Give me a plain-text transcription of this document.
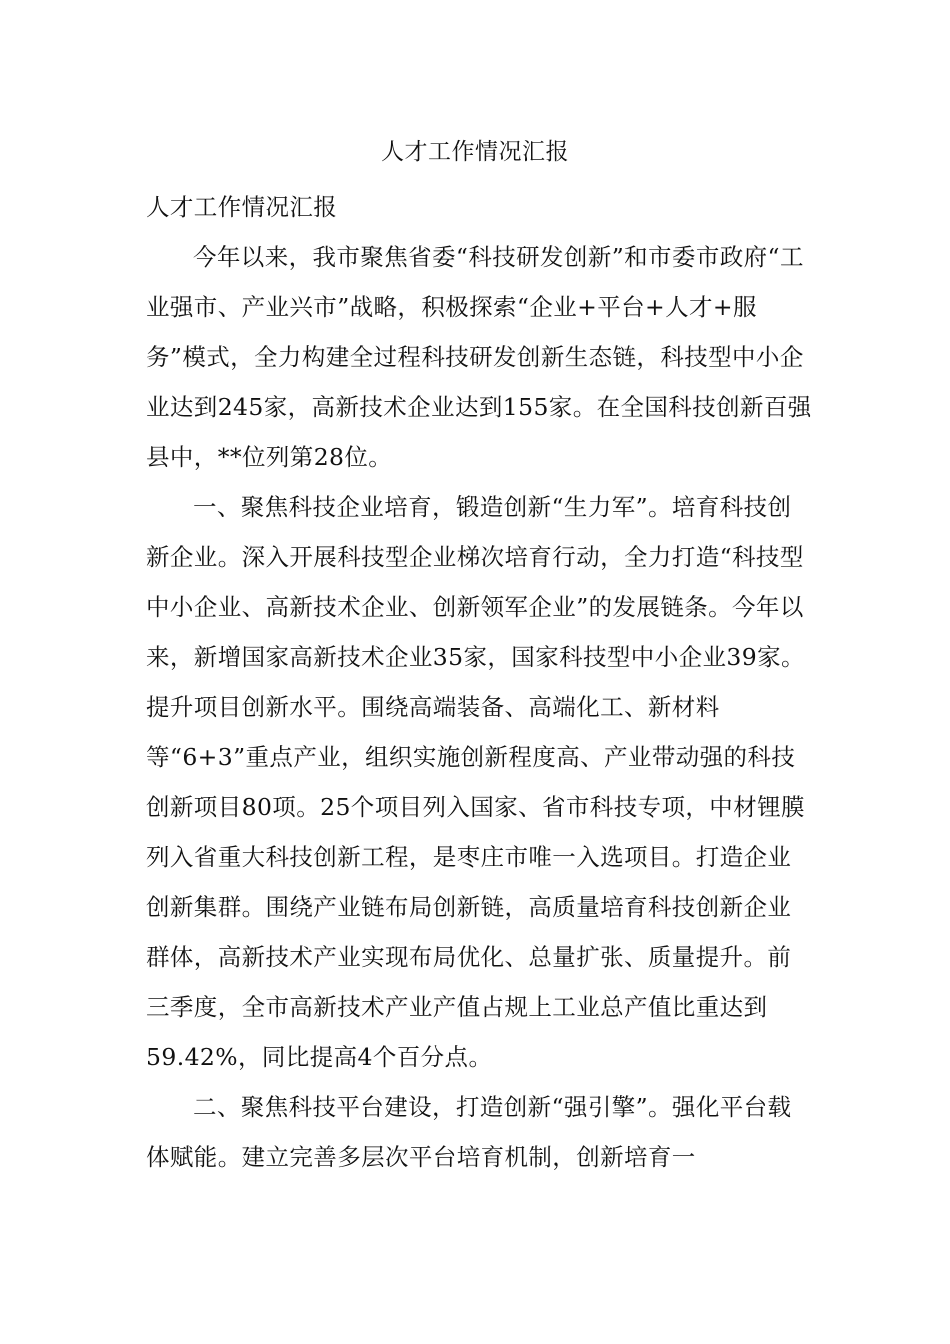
人才工作情况汇报

人才工作情况汇报

今年以来，我市聚焦省委“科技研发创新”和市委市政府“工业强市、产业兴市”战略，积极探索“企业+平台+人才+服务”模式，全力构建全过程科技研发创新生态链，科技型中小企业达到245家，高新技术企业达到155家。在全国科技创新百强县中，**位列第28位。

一、聚焦科技企业培育，锻造创新“生力军”。培育科技创新企业。深入开展科技型企业梯次培育行动，全力打造“科技型中小企业、高新技术企业、创新领军企业”的发展链条。今年以来，新增国家高新技术企业35家，国家科技型中小企业39家。提升项目创新水平。围绕高端装备、高端化工、新材料等“6+3”重点产业，组织实施创新程度高、产业带动强的科技创新项目80项。25个项目列入国家、省市科技专项，中材锂膜列入省重大科技创新工程，是枣庄市唯一入选项目。打造企业创新集群。围绕产业链布局创新链，高质量培育科技创新企业群体，高新技术产业实现布局优化、总量扩张、质量提升。前三季度，全市高新技术产业产值占规上工业总产值比重达到59.42%，同比提高4个百分点。

二、聚焦科技平台建设，打造创新“强引擎”。强化平台载体赋能。建立完善多层次平台培育机制，创新培育一
